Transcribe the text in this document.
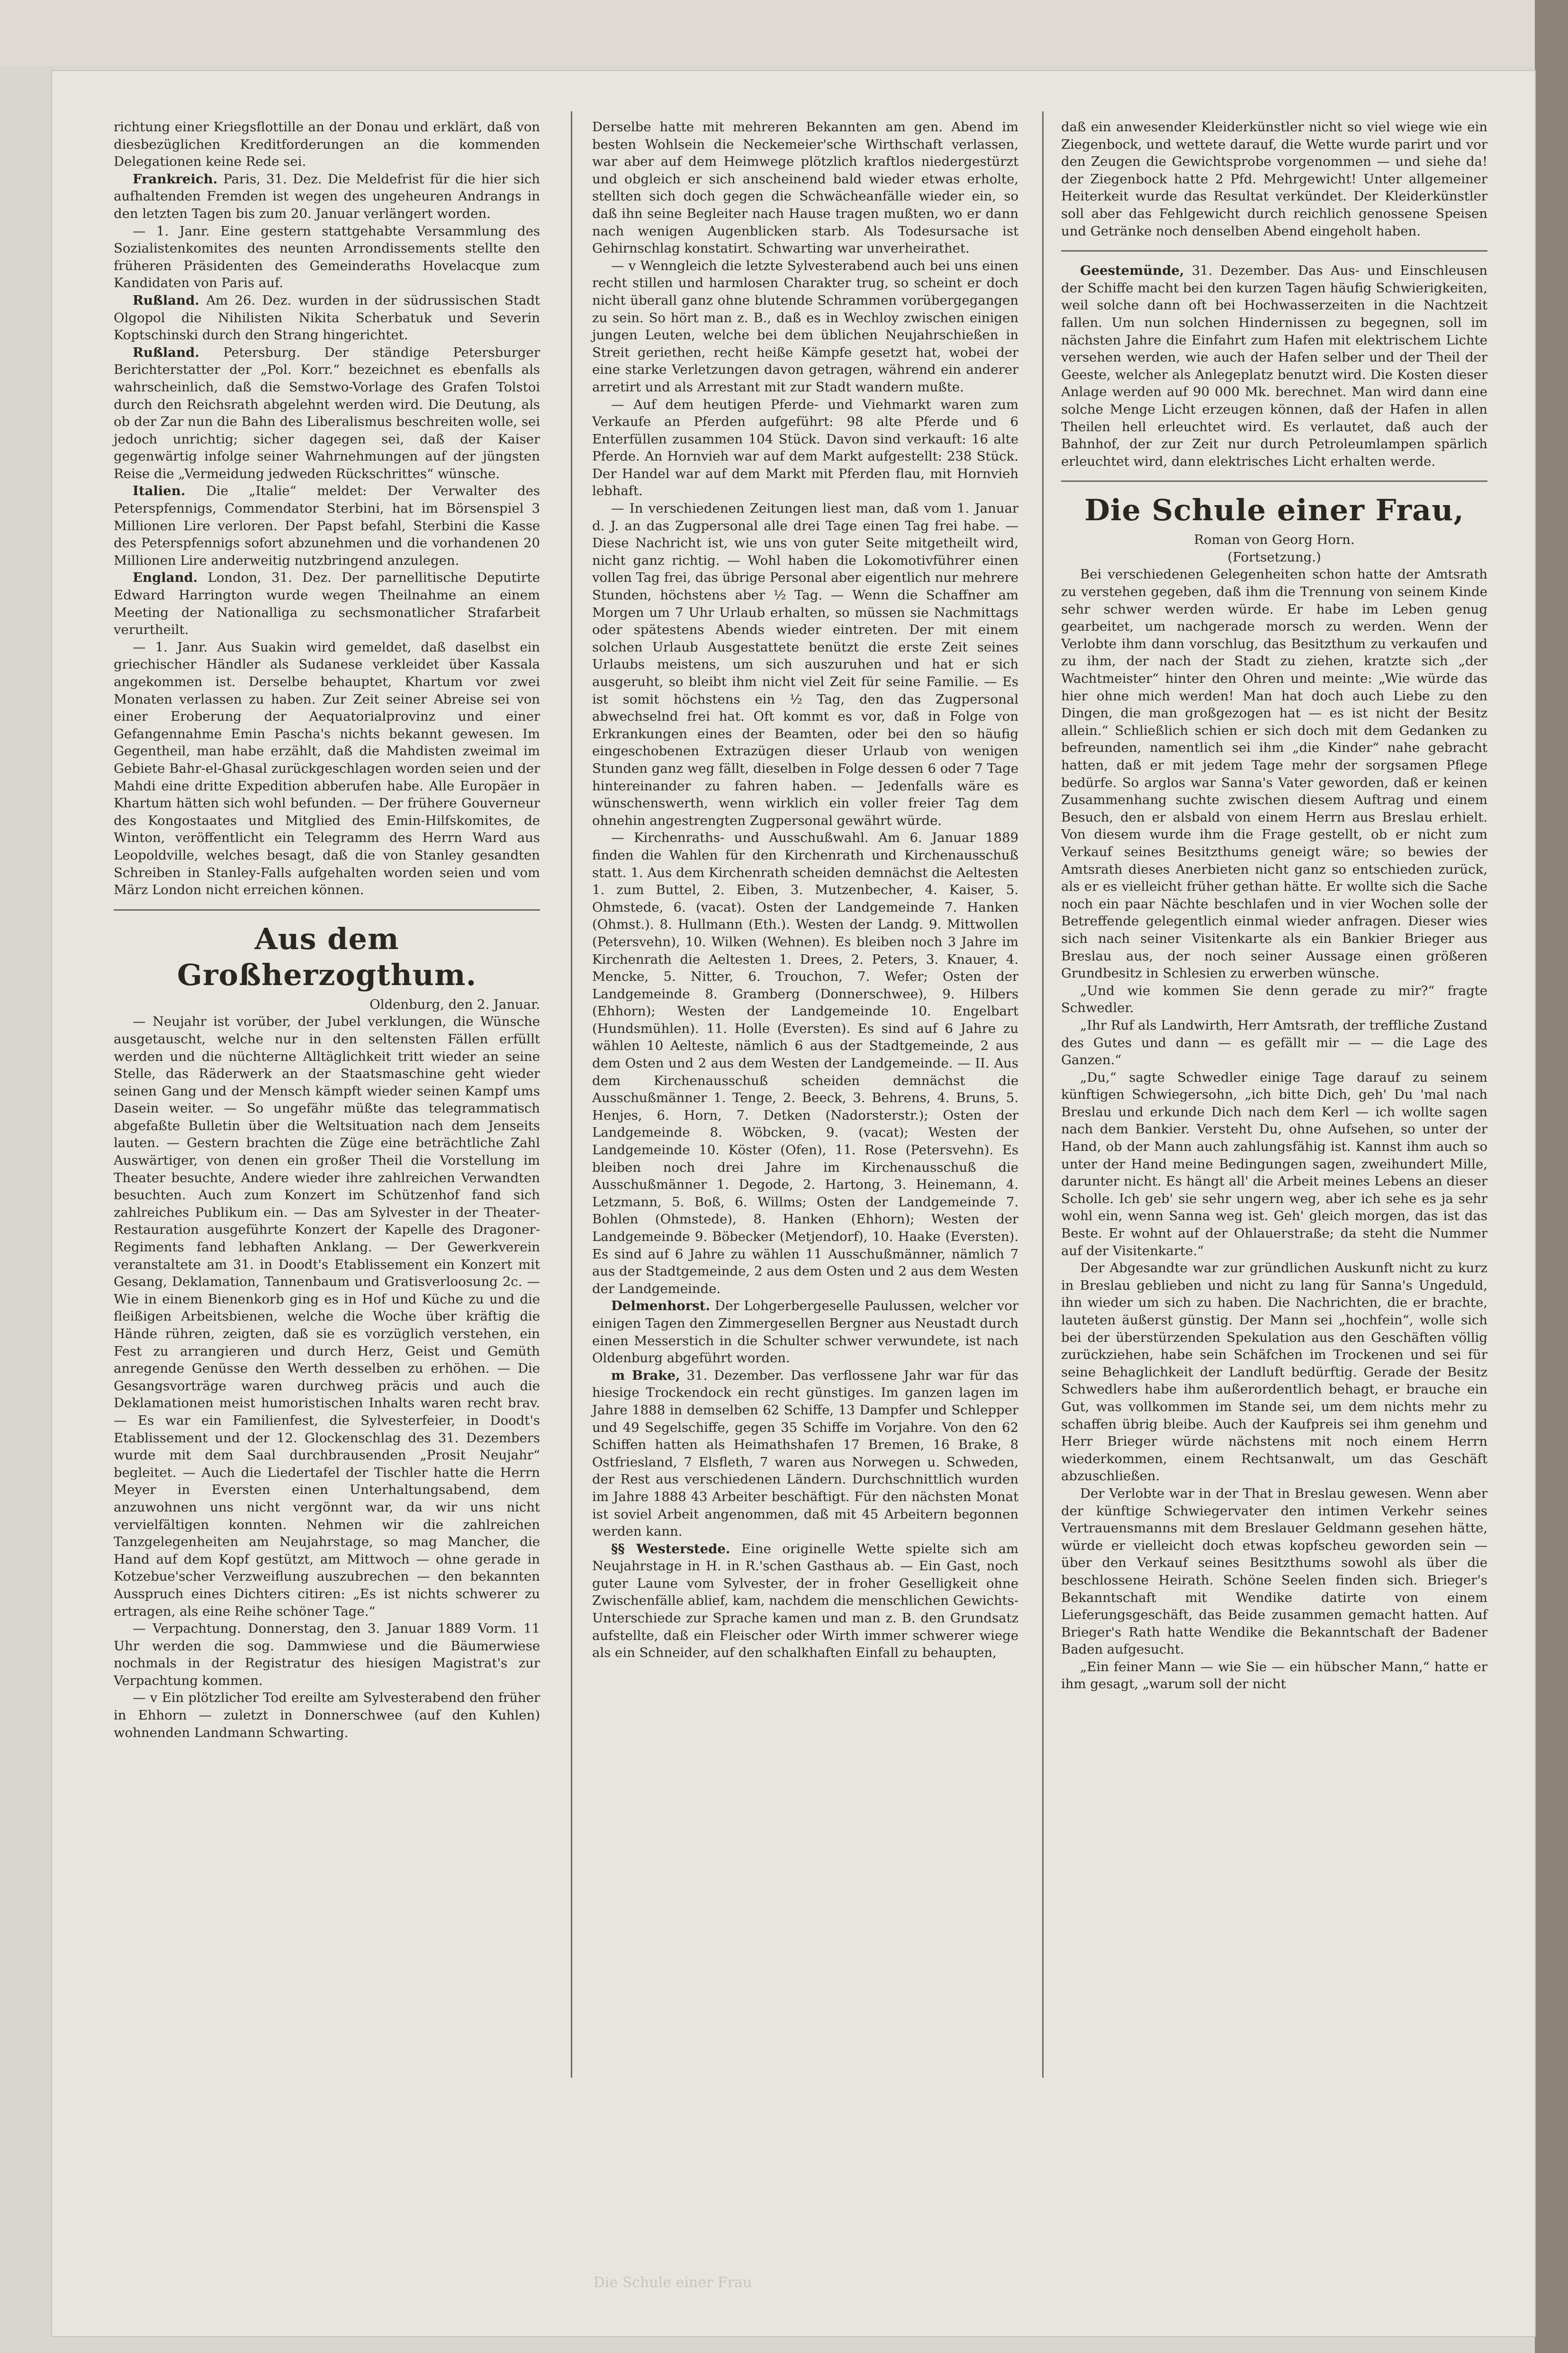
richtung einer Kriegsflottille an der Donau und erklärt, daß von diesbezüglichen Kreditforderungen an die kommenden Delegationen keine Rede sei.

Frankreich. Paris, 31. Dez. Die Meldefrist für die hier sich aufhaltenden Fremden ist wegen des ungeheuren Andrangs in den letzten Tagen bis zum 20. Januar verlängert worden.

— 1. Janr. Eine gestern stattgehabte Versammlung des Sozialistenkomites des neunten Arrondissements stellte den früheren Präsidenten des Gemeinderaths Hovelacque zum Kandidaten von Paris auf.

Rußland. Am 26. Dez. wurden in der südrussischen Stadt Olgopol die Nihilisten Nikita Scherbatuk und Severin Koptschinski durch den Strang hingerichtet.

Rußland. Petersburg. Der ständige Petersburger Berichterstatter der „Pol. Korr.“ bezeichnet es ebenfalls als wahrscheinlich, daß die Semstwo-Vorlage des Grafen Tolstoi durch den Reichsrath abgelehnt werden wird. Die Deutung, als ob der Zar nun die Bahn des Liberalismus beschreiten wolle, sei jedoch unrichtig; sicher dagegen sei, daß der Kaiser gegenwärtig infolge seiner Wahrnehmungen auf der jüngsten Reise die „Vermeidung jedweden Rückschrittes“ wünsche.

Italien. Die „Italie“ meldet: Der Verwalter des Peterspfennigs, Commendator Sterbini, hat im Börsenspiel 3 Millionen Lire verloren. Der Papst befahl, Sterbini die Kasse des Peterspfennigs sofort abzunehmen und die vorhandenen 20 Millionen Lire anderweitig nutzbringend anzulegen.

England. London, 31. Dez. Der parnellitische Deputirte Edward Harrington wurde wegen Theilnahme an einem Meeting der Nationalliga zu sechsmonatlicher Strafarbeit verurtheilt.

— 1. Janr. Aus Suakin wird gemeldet, daß daselbst ein griechischer Händler als Sudanese verkleidet über Kassala angekommen ist. Derselbe behauptet, Khartum vor zwei Monaten verlassen zu haben. Zur Zeit seiner Abreise sei von einer Eroberung der Aequatorialprovinz und einer Gefangennahme Emin Pascha's nichts bekannt gewesen. Im Gegentheil, man habe erzählt, daß die Mahdisten zweimal im Gebiete Bahr-el-Ghasal zurückgeschlagen worden seien und der Mahdi eine dritte Expedition abberufen habe. Alle Europäer in Khartum hätten sich wohl befunden. — Der frühere Gouverneur des Kongostaates und Mitglied des Emin-Hilfskomites, de Winton, veröffentlicht ein Telegramm des Herrn Ward aus Leopoldville, welches besagt, daß die von Stanley gesandten Schreiben in Stanley-Falls aufgehalten worden seien und vom März London nicht erreichen können.

Aus dem Großherzogthum.
Oldenburg, den 2. Januar.

— Neujahr ist vorüber, der Jubel verklungen, die Wünsche ausgetauscht, welche nur in den seltensten Fällen erfüllt werden und die nüchterne Alltäglichkeit tritt wieder an seine Stelle, das Räderwerk an der Staatsmaschine geht wieder seinen Gang und der Mensch kämpft wieder seinen Kampf ums Dasein weiter. — So ungefähr müßte das telegrammatisch abgefaßte Bulletin über die Weltsituation nach dem Jenseits lauten. — Gestern brachten die Züge eine beträchtliche Zahl Auswärtiger, von denen ein großer Theil die Vorstellung im Theater besuchte, Andere wieder ihre zahlreichen Verwandten besuchten. Auch zum Konzert im Schützenhof fand sich zahlreiches Publikum ein. — Das am Sylvester in der Theater-Restauration ausgeführte Konzert der Kapelle des Dragoner-Regiments fand lebhaften Anklang. — Der Gewerkverein veranstaltete am 31. in Doodt's Etablissement ein Konzert mit Gesang, Deklamation, Tannenbaum und Gratisverloosung 2c. — Wie in einem Bienenkorb ging es in Hof und Küche zu und die fleißigen Arbeitsbienen, welche die Woche über kräftig die Hände rühren, zeigten, daß sie es vorzüglich verstehen, ein Fest zu arrangieren und durch Herz, Geist und Gemüth anregende Genüsse den Werth desselben zu erhöhen. — Die Gesangsvorträge waren durchweg präcis und auch die Deklamationen meist humoristischen Inhalts waren recht brav. — Es war ein Familienfest, die Sylvesterfeier, in Doodt's Etablissement und der 12. Glockenschlag des 31. Dezembers wurde mit dem Saal durchbrausenden „Prosit Neujahr“ begleitet. — Auch die Liedertafel der Tischler hatte die Herrn Meyer in Eversten einen Unterhaltungsabend, dem anzuwohnen uns nicht vergönnt war, da wir uns nicht vervielfältigen konnten. Nehmen wir die zahlreichen Tanzgelegenheiten am Neujahrstage, so mag Mancher, die Hand auf dem Kopf gestützt, am Mittwoch — ohne gerade in Kotzebue'scher Verzweiflung auszubrechen — den bekannten Ausspruch eines Dichters citiren: „Es ist nichts schwerer zu ertragen, als eine Reihe schöner Tage.“

— Verpachtung. Donnerstag, den 3. Januar 1889 Vorm. 11 Uhr werden die sog. Dammwiese und die Bäumerwiese nochmals in der Registratur des hiesigen Magistrat's zur Verpachtung kommen.

— v Ein plötzlicher Tod ereilte am Sylvesterabend den früher in Ehhorn — zuletzt in Donnerschwee (auf den Kuhlen) wohnenden Landmann Schwarting.

Derselbe hatte mit mehreren Bekannten am gen. Abend im besten Wohlsein die Neckemeier'sche Wirthschaft verlassen, war aber auf dem Heimwege plötzlich kraftlos niedergestürzt und obgleich er sich anscheinend bald wieder etwas erholte, stellten sich doch gegen die Schwächeanfälle wieder ein, so daß ihn seine Begleiter nach Hause tragen mußten, wo er dann nach wenigen Augenblicken starb. Als Todesursache ist Gehirnschlag konstatirt. Schwarting war unverheirathet.

— v Wenngleich die letzte Sylvesterabend auch bei uns einen recht stillen und harmlosen Charakter trug, so scheint er doch nicht überall ganz ohne blutende Schrammen vorübergegangen zu sein. So hört man z. B., daß es in Wechloy zwischen einigen jungen Leuten, welche bei dem üblichen Neujahrschießen in Streit geriethen, recht heiße Kämpfe gesetzt hat, wobei der eine starke Verletzungen davon getragen, während ein anderer arretirt und als Arrestant mit zur Stadt wandern mußte.

— Auf dem heutigen Pferde- und Viehmarkt waren zum Verkaufe an Pferden aufgeführt: 98 alte Pferde und 6 Enterfüllen zusammen 104 Stück. Davon sind verkauft: 16 alte Pferde. An Hornvieh war auf dem Markt aufgestellt: 238 Stück. Der Handel war auf dem Markt mit Pferden flau, mit Hornvieh lebhaft.

— In verschiedenen Zeitungen liest man, daß vom 1. Januar d. J. an das Zugpersonal alle drei Tage einen Tag frei habe. — Diese Nachricht ist, wie uns von guter Seite mitgetheilt wird, nicht ganz richtig. — Wohl haben die Lokomotivführer einen vollen Tag frei, das übrige Personal aber eigentlich nur mehrere Stunden, höchstens aber ½ Tag. — Wenn die Schaffner am Morgen um 7 Uhr Urlaub erhalten, so müssen sie Nachmittags oder spätestens Abends wieder eintreten. Der mit einem solchen Urlaub Ausgestattete benützt die erste Zeit seines Urlaubs meistens, um sich auszuruhen und hat er sich ausgeruht, so bleibt ihm nicht viel Zeit für seine Familie. — Es ist somit höchstens ein ½ Tag, den das Zugpersonal abwechselnd frei hat. Oft kommt es vor, daß in Folge von Erkrankungen eines der Beamten, oder bei den so häufig eingeschobenen Extrazügen dieser Urlaub von wenigen Stunden ganz weg fällt, dieselben in Folge dessen 6 oder 7 Tage hintereinander zu fahren haben. — Jedenfalls wäre es wünschenswerth, wenn wirklich ein voller freier Tag dem ohnehin angestrengten Zugpersonal gewährt würde.

— Kirchenraths- und Ausschußwahl. Am 6. Januar 1889 finden die Wahlen für den Kirchenrath und Kirchenausschuß statt. 1. Aus dem Kirchenrath scheiden demnächst die Aeltesten 1. zum Buttel, 2. Eiben, 3. Mutzenbecher, 4. Kaiser, 5. Ohmstede, 6. (vacat). Osten der Landgemeinde 7. Hanken (Ohmst.). 8. Hullmann (Eth.). Westen der Landg. 9. Mittwollen (Petersvehn), 10. Wilken (Wehnen). Es bleiben noch 3 Jahre im Kirchenrath die Aeltesten 1. Drees, 2. Peters, 3. Knauer, 4. Mencke, 5. Nitter, 6. Trouchon, 7. Wefer; Osten der Landgemeinde 8. Gramberg (Donnerschwee), 9. Hilbers (Ehhorn); Westen der Landgemeinde 10. Engelbart (Hundsmühlen). 11. Holle (Eversten). Es sind auf 6 Jahre zu wählen 10 Aelteste, nämlich 6 aus der Stadtgemeinde, 2 aus dem Osten und 2 aus dem Westen der Landgemeinde. — II. Aus dem Kirchenausschuß scheiden demnächst die Ausschußmänner 1. Tenge, 2. Beeck, 3. Behrens, 4. Bruns, 5. Henjes, 6. Horn, 7. Detken (Nadorsterstr.); Osten der Landgemeinde 8. Wöbcken, 9. (vacat); Westen der Landgemeinde 10. Köster (Ofen), 11. Rose (Petersvehn). Es bleiben noch drei Jahre im Kirchenausschuß die Ausschußmänner 1. Degode, 2. Hartong, 3. Heinemann, 4. Letzmann, 5. Boß, 6. Willms; Osten der Landgemeinde 7. Bohlen (Ohmstede), 8. Hanken (Ehhorn); Westen der Landgemeinde 9. Böbecker (Metjendorf), 10. Haake (Eversten). Es sind auf 6 Jahre zu wählen 11 Ausschußmänner, nämlich 7 aus der Stadtgemeinde, 2 aus dem Osten und 2 aus dem Westen der Landgemeinde.

Delmenhorst. Der Lohgerbergeselle Paulussen, welcher vor einigen Tagen den Zimmergesellen Bergner aus Neustadt durch einen Messerstich in die Schulter schwer verwundete, ist nach Oldenburg abgeführt worden.

m Brake, 31. Dezember. Das verflossene Jahr war für das hiesige Trockendock ein recht günstiges. Im ganzen lagen im Jahre 1888 in demselben 62 Schiffe, 13 Dampfer und Schlepper und 49 Segelschiffe, gegen 35 Schiffe im Vorjahre. Von den 62 Schiffen hatten als Heimathshafen 17 Bremen, 16 Brake, 8 Ostfriesland, 7 Elsfleth, 7 waren aus Norwegen u. Schweden, der Rest aus verschiedenen Ländern. Durchschnittlich wurden im Jahre 1888 43 Arbeiter beschäftigt. Für den nächsten Monat ist soviel Arbeit angenommen, daß mit 45 Arbeitern begonnen werden kann.

§§ Westerstede. Eine originelle Wette spielte sich am Neujahrstage in H. in R.'schen Gasthaus ab. — Ein Gast, noch guter Laune vom Sylvester, der in froher Geselligkeit ohne Zwischenfälle ablief, kam, nachdem die menschlichen Gewichts-Unterschiede zur Sprache kamen und man z. B. den Grundsatz aufstellte, daß ein Fleischer oder Wirth immer schwerer wiege als ein Schneider, auf den schalkhaften Einfall zu behaupten,

daß ein anwesender Kleiderkünstler nicht so viel wiege wie ein Ziegenbock, und wettete darauf, die Wette wurde parirt und vor den Zeugen die Gewichtsprobe vorgenommen — und siehe da! der Ziegenbock hatte 2 Pfd. Mehrgewicht! Unter allgemeiner Heiterkeit wurde das Resultat verkündet. Der Kleiderkünstler soll aber das Fehlgewicht durch reichlich genossene Speisen und Getränke noch denselben Abend eingeholt haben.

Geestemünde, 31. Dezember. Das Aus- und Einschleusen der Schiffe macht bei den kurzen Tagen häufig Schwierigkeiten, weil solche dann oft bei Hochwasserzeiten in die Nachtzeit fallen. Um nun solchen Hindernissen zu begegnen, soll im nächsten Jahre die Einfahrt zum Hafen mit elektrischem Lichte versehen werden, wie auch der Hafen selber und der Theil der Geeste, welcher als Anlegeplatz benutzt wird. Die Kosten dieser Anlage werden auf 90 000 Mk. berechnet. Man wird dann eine solche Menge Licht erzeugen können, daß der Hafen in allen Theilen hell erleuchtet wird. Es verlautet, daß auch der Bahnhof, der zur Zeit nur durch Petroleumlampen spärlich erleuchtet wird, dann elektrisches Licht erhalten werde.

Die Schule einer Frau,
Roman von Georg Horn.
(Fortsetzung.)

Bei verschiedenen Gelegenheiten schon hatte der Amtsrath zu verstehen gegeben, daß ihm die Trennung von seinem Kinde sehr schwer werden würde. Er habe im Leben genug gearbeitet, um nachgerade morsch zu werden. Wenn der Verlobte ihm dann vorschlug, das Besitzthum zu verkaufen und zu ihm, der nach der Stadt zu ziehen, kratzte sich „der Wachtmeister“ hinter den Ohren und meinte: „Wie würde das hier ohne mich werden! Man hat doch auch Liebe zu den Dingen, die man großgezogen hat — es ist nicht der Besitz allein.“ Schließlich schien er sich doch mit dem Gedanken zu befreunden, namentlich sei ihm „die Kinder“ nahe gebracht hatten, daß er mit jedem Tage mehr der sorgsamen Pflege bedürfe. So arglos war Sanna's Vater geworden, daß er keinen Zusammenhang suchte zwischen diesem Auftrag und einem Besuch, den er alsbald von einem Herrn aus Breslau erhielt. Von diesem wurde ihm die Frage gestellt, ob er nicht zum Verkauf seines Besitzthums geneigt wäre; so bewies der Amtsrath dieses Anerbieten nicht ganz so entschieden zurück, als er es vielleicht früher gethan hätte. Er wollte sich die Sache noch ein paar Nächte beschlafen und in vier Wochen solle der Betreffende gelegentlich einmal wieder anfragen. Dieser wies sich nach seiner Visitenkarte als ein Bankier Brieger aus Breslau aus, der noch seiner Aussage einen größeren Grundbesitz in Schlesien zu erwerben wünsche.

„Und wie kommen Sie denn gerade zu mir?“ fragte Schwedler.

„Ihr Ruf als Landwirth, Herr Amtsrath, der treffliche Zustand des Gutes und dann — es gefällt mir — — die Lage des Ganzen.“

„Du,“ sagte Schwedler einige Tage darauf zu seinem künftigen Schwiegersohn, „ich bitte Dich, geh' Du 'mal nach Breslau und erkunde Dich nach dem Kerl — ich wollte sagen nach dem Bankier. Versteht Du, ohne Aufsehen, so unter der Hand, ob der Mann auch zahlungsfähig ist. Kannst ihm auch so unter der Hand meine Bedingungen sagen, zweihundert Mille, darunter nicht. Es hängt all' die Arbeit meines Lebens an dieser Scholle. Ich geb' sie sehr ungern weg, aber ich sehe es ja sehr wohl ein, wenn Sanna weg ist. Geh' gleich morgen, das ist das Beste. Er wohnt auf der Ohlauerstraße; da steht die Nummer auf der Visitenkarte.“

Der Abgesandte war zur gründlichen Auskunft nicht zu kurz in Breslau geblieben und nicht zu lang für Sanna's Ungeduld, ihn wieder um sich zu haben. Die Nachrichten, die er brachte, lauteten äußerst günstig. Der Mann sei „hochfein“, wolle sich bei der überstürzenden Spekulation aus den Geschäften völlig zurückziehen, habe sein Schäfchen im Trockenen und sei für seine Behaglichkeit der Landluft bedürftig. Gerade der Besitz Schwedlers habe ihm außerordentlich behagt, er brauche ein Gut, was vollkommen im Stande sei, um dem nichts mehr zu schaffen übrig bleibe. Auch der Kaufpreis sei ihm genehm und Herr Brieger würde nächstens mit noch einem Herrn wiederkommen, einem Rechtsanwalt, um das Geschäft abzuschließen.

Der Verlobte war in der That in Breslau gewesen. Wenn aber der künftige Schwiegervater den intimen Verkehr seines Vertrauensmanns mit dem Breslauer Geldmann gesehen hätte, würde er vielleicht doch etwas kopfscheu geworden sein — über den Verkauf seines Besitzthums sowohl als über die beschlossene Heirath. Schöne Seelen finden sich. Brieger's Bekanntschaft mit Wendike datirte von einem Lieferungsgeschäft, das Beide zusammen gemacht hatten. Auf Brieger's Rath hatte Wendike die Bekanntschaft der Badener Baden aufgesucht.

„Ein feiner Mann — wie Sie — ein hübscher Mann,“ hatte er ihm gesagt, „warum soll der nicht

Die Schule einer Frau
